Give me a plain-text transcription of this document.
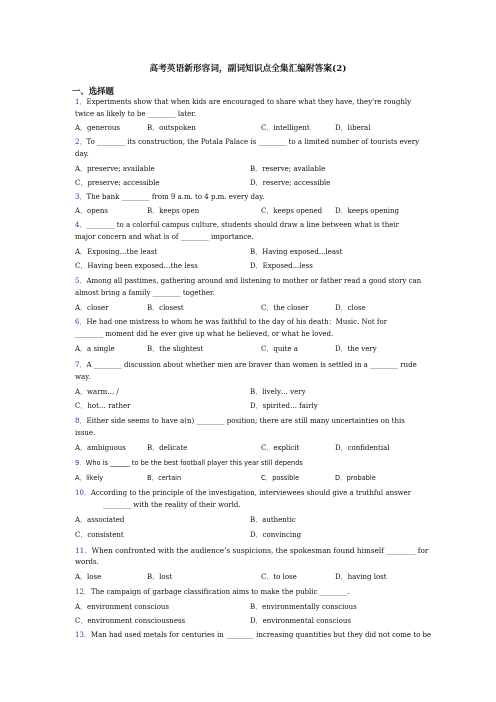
高考英语新形容词，副词知识点全集汇编附答案(2)
一、选择题
1．Experiments show that when kids are encouraged to share what they have, they're roughly
twice as likely to be ________ later.
A．generous	B．outspoken	C．intelligent	D．liberal
2．To ________ its construction, the Potala Palace is ________ to a limited number of tourists every
day.
A．preserve; available	B．reserve; available
C．preserve; accessible	D．reserve; accessible
3．The bank ________ from 9 a.m. to 4 p.m. every day.
A．opens	B．keeps open	C．keeps opened D．keeps opening
4．________ to a colorful campus culture, students should draw a line between what is their
major concern and what is of ________ importance.
A．Exposing…the least	B．Having exposed...least
C．Having been exposed…the less	D．Exposed...less
5．Among all pastimes, gathering around and listening to mother or father read a good story can
almost bring a family ________ together.
A．closer	B．closest	C．the closer	D．close
6．He had one mistress to whom he was faithful to the day of his death：Music. Not for
________ moment did he ever give up what he believed, or what he loved.
A．a single	B．the slightest	C．quite a	D．the very
7．A ________ discussion about whether men are braver than women is settled in a ________ rude
way.
A．warm… /	B．lively… very
C．hot… rather	D．spirited… fairly
8．Either side seems to have a(n) ________ position; there are still many uncertainties on this
issue.
A．ambiguous	B．delicate	C．explicit	D．confidential
9．Who is ______ to be the best football player this year still depends
A．likely	B．certain	C．possible	D．probable
10．According to the principle of the investigation, interviewees should give a truthful answer
________ with the reality of their world.
A．associated	B．authentic
C．consistent	D．convincing
11．When confronted with the audience’s suspicions, the spokesman found himself ________ for
words.
A．lose	B．lost	C．to lose	D．having lost
12．The campaign of garbage classification aims to make the public ________.
A．environment conscious	B．environmentally conscious
C．environment consciousness	D．environmental conscious
13．Man had used metals for centuries in ________ increasing quantities but they did not come to be
